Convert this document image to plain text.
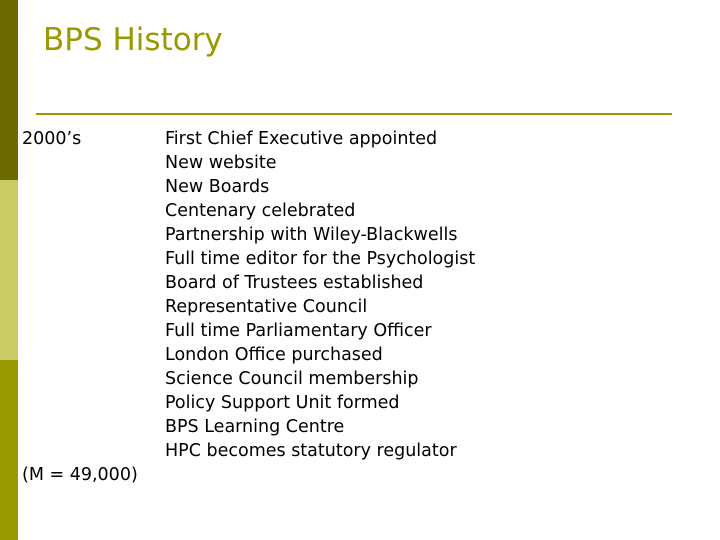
BPS History
2000’s	First Chief Executive appointed
New website
New Boards
Centenary celebrated
Partnership with Wiley-Blackwells
Full time editor for the Psychologist
Board of Trustees established
Representative Council
Full time Parliamentary Officer
London Office purchased
Science Council membership
Policy Support Unit formed
BPS Learning Centre
HPC becomes statutory regulator
(M = 49,000)
